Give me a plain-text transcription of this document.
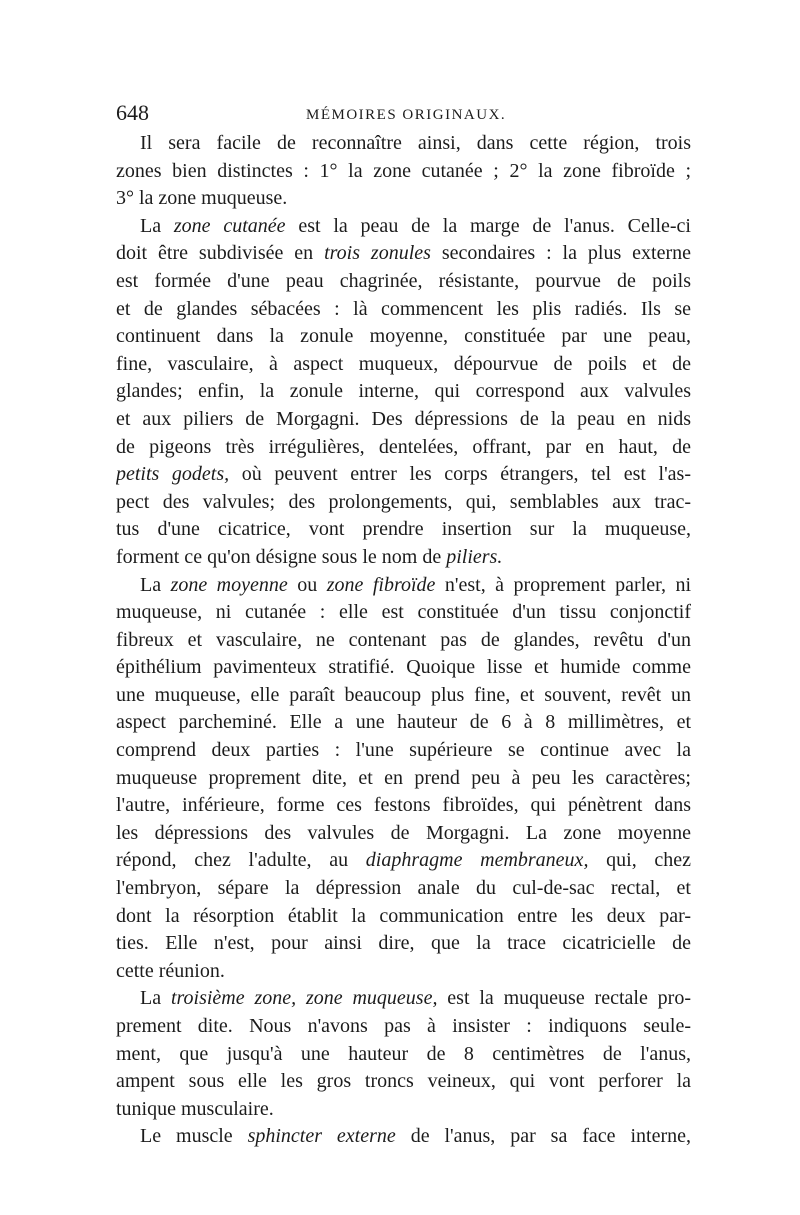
648	MÉMOIRES ORIGINAUX.
Il sera facile de reconnaître ainsi, dans cette région, trois
zones bien distinctes : 1° la zone cutanée ; 2° la zone fibroïde ;
3° la zone muqueuse.
La zone cutanée est la peau de la marge de l'anus. Celle-ci
doit être subdivisée en trois zonules secondaires : la plus externe
est formée d'une peau chagrinée, résistante, pourvue de poils
et de glandes sébacées : là commencent les plis radiés. Ils se
continuent dans la zonule moyenne, constituée par une peau,
fine, vasculaire, à aspect muqueux, dépourvue de poils et de
glandes; enfin, la zonule interne, qui correspond aux valvules
et aux piliers de Morgagni. Des dépressions de la peau en nids
de pigeons très irrégulières, dentelées, offrant, par en haut, de
petits godets, où peuvent entrer les corps étrangers, tel est l'as-
pect des valvules; des prolongements, qui, semblables aux trac-
tus d'une cicatrice, vont prendre insertion sur la muqueuse,
forment ce qu'on désigne sous le nom de piliers.
La zone moyenne ou zone fibroïde n'est, à proprement parler, ni
muqueuse, ni cutanée : elle est constituée d'un tissu conjonctif
fibreux et vasculaire, ne contenant pas de glandes, revêtu d'un
épithélium pavimenteux stratifié. Quoique lisse et humide comme
une muqueuse, elle paraît beaucoup plus fine, et souvent, revêt un
aspect parcheminé. Elle a une hauteur de 6 à 8 millimètres, et
comprend deux parties : l'une supérieure se continue avec la
muqueuse proprement dite, et en prend peu à peu les caractères;
l'autre, inférieure, forme ces festons fibroïdes, qui pénètrent dans
les dépressions des valvules de Morgagni. La zone moyenne
répond, chez l'adulte, au diaphragme membraneux, qui, chez
l'embryon, sépare la dépression anale du cul-de-sac rectal, et
dont la résorption établit la communication entre les deux par-
ties. Elle n'est, pour ainsi dire, que la trace cicatricielle de
cette réunion.
La troisième zone, zone muqueuse, est la muqueuse rectale pro-
prement dite. Nous n'avons pas à insister : indiquons seule-
ment, que jusqu'à une hauteur de 8 centimètres de l'anus,
ampent sous elle les gros troncs veineux, qui vont perforer la
tunique musculaire.
Le muscle sphincter externe de l'anus, par sa face interne,
